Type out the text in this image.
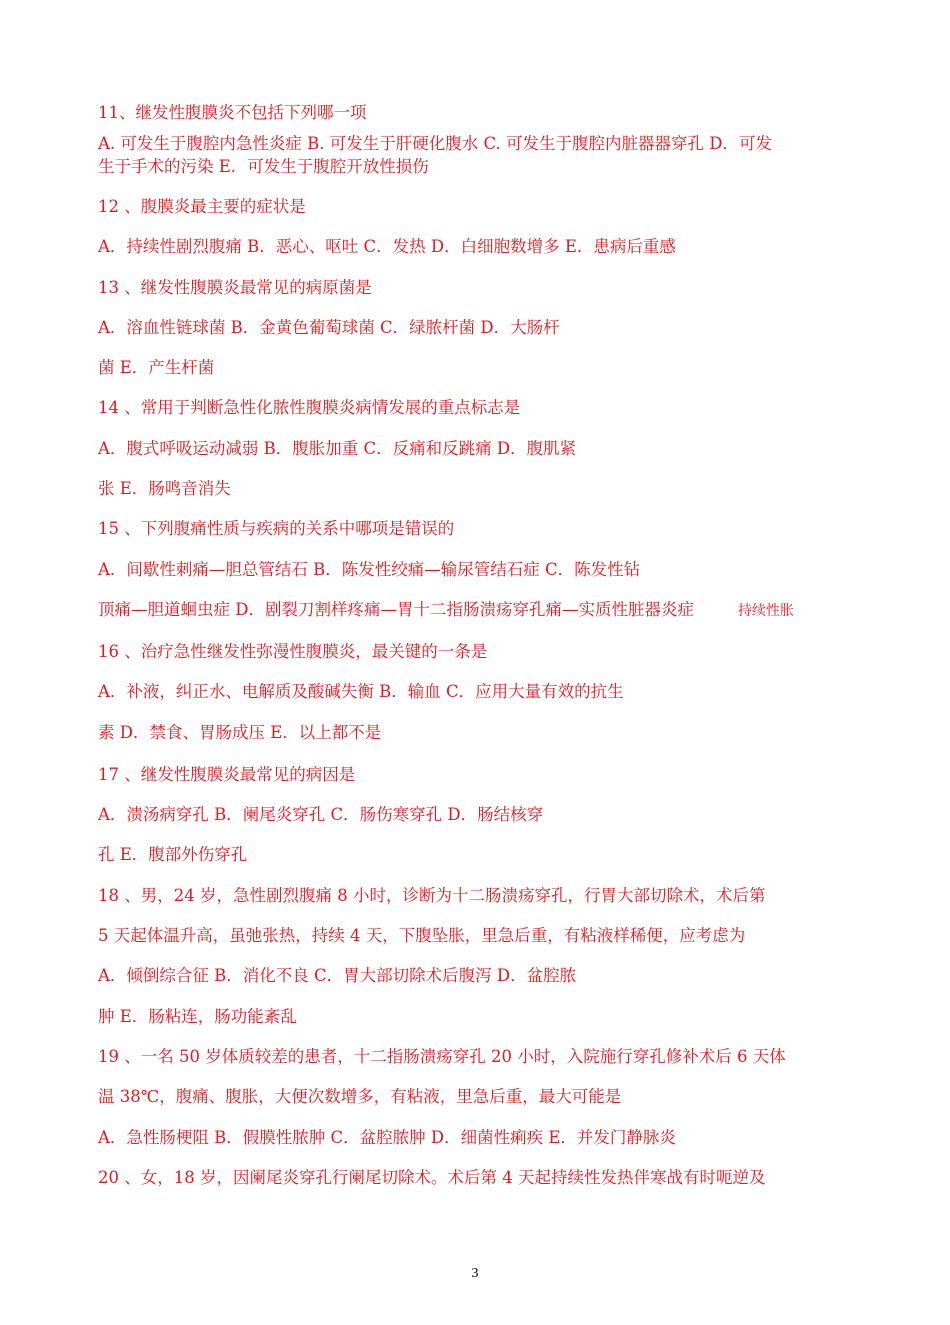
11、继发性腹膜炎不包括下列哪一项
A. 可发生于腹腔内急性炎症 B. 可发生于肝硬化腹水 C. 可发生于腹腔内脏器器穿孔 D．可发
生于手术的污染 E．可发生于腹腔开放性损伤
12 、腹膜炎最主要的症状是
A．持续性剧烈腹痛 B．恶心、呕吐 C．发热 D．白细胞数增多 E．患病后重感
13 、继发性腹膜炎最常见的病原菌是
A．溶血性链球菌 B．金黄色葡萄球菌 C．绿脓杆菌 D．大肠杆
菌 E．产生杆菌
14 、常用于判断急性化脓性腹膜炎病情发展的重点标志是
A．腹式呼吸运动减弱 B．腹胀加重 C．反痛和反跳痛 D．腹肌紧
张 E．肠鸣音消失
15 、下列腹痛性质与疾病的关系中哪项是错误的
A．间歇性刺痛—胆总管结石 B．陈发性绞痛—输尿管结石症 C．陈发性钻
顶痛—胆道蛔虫症 D．剧裂刀割样疼痛—胃十二指肠溃疡穿孔痛—实质性脏器炎症	持续性胀
16 、治疗急性继发性弥漫性腹膜炎，最关键的一条是
A．补液，纠正水、电解质及酸碱失衡 B．输血 C．应用大量有效的抗生
素 D．禁食、胃肠成压 E．以上都不是
17 、继发性腹膜炎最常见的病因是
A．溃汤病穿孔 B．阑尾炎穿孔 C．肠伤寒穿孔 D．肠结核穿
孔 E．腹部外伤穿孔
18 、男，24 岁，急性剧烈腹痛 8 小时，诊断为十二肠溃疡穿孔，行胃大部切除术，术后第
5 天起体温升高，虽弛张热，持续 4 天，下腹坠胀，里急后重，有粘液样稀便，应考虑为
A．倾倒综合征 B．消化不良 C．胃大部切除术后腹泻 D．盆腔脓
肿 E．肠粘连，肠功能紊乱
19 、一名 50 岁体质较差的患者，十二指肠溃疡穿孔 20 小时，入院施行穿孔修补术后 6 天体
温 38℃，腹痛、腹胀，大便次数增多，有粘液，里急后重，最大可能是
A．急性肠梗阻 B．假膜性脓肿 C．盆腔脓肿 D．细菌性痢疾 E．并发门静脉炎
20 、女，18 岁，因阑尾炎穿孔行阑尾切除术。术后第 4 天起持续性发热伴寒战有时呃逆及
3
